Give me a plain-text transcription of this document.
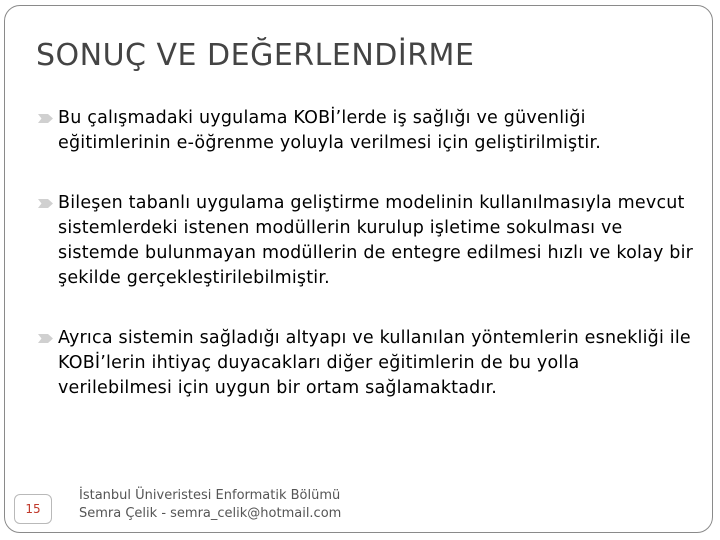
SONUÇ VE DEĞERLENDİRME
Bu çalışmadaki uygulama KOBİ’lerde iş sağlığı ve güvenliği eğitimlerinin e-öğrenme yoluyla verilmesi için geliştirilmiştir.
Bileşen tabanlı uygulama geliştirme modelinin kullanılmasıyla mevcut sistemlerdeki istenen modüllerin kurulup işletime sokulması ve sistemde bulunmayan modüllerin de entegre edilmesi hızlı ve kolay bir şekilde gerçekleştirilebilmiştir.
Ayrıca sistemin sağladığı altyapı ve kullanılan yöntemlerin esnekliği ile KOBİ’lerin ihtiyaç duyacakları diğer eğitimlerin de bu yolla verilebilmesi için uygun bir ortam sağlamaktadır.
15
İstanbul Üniveristesi Enformatik Bölümü
Semra Çelik - semra_celik@hotmail.com
